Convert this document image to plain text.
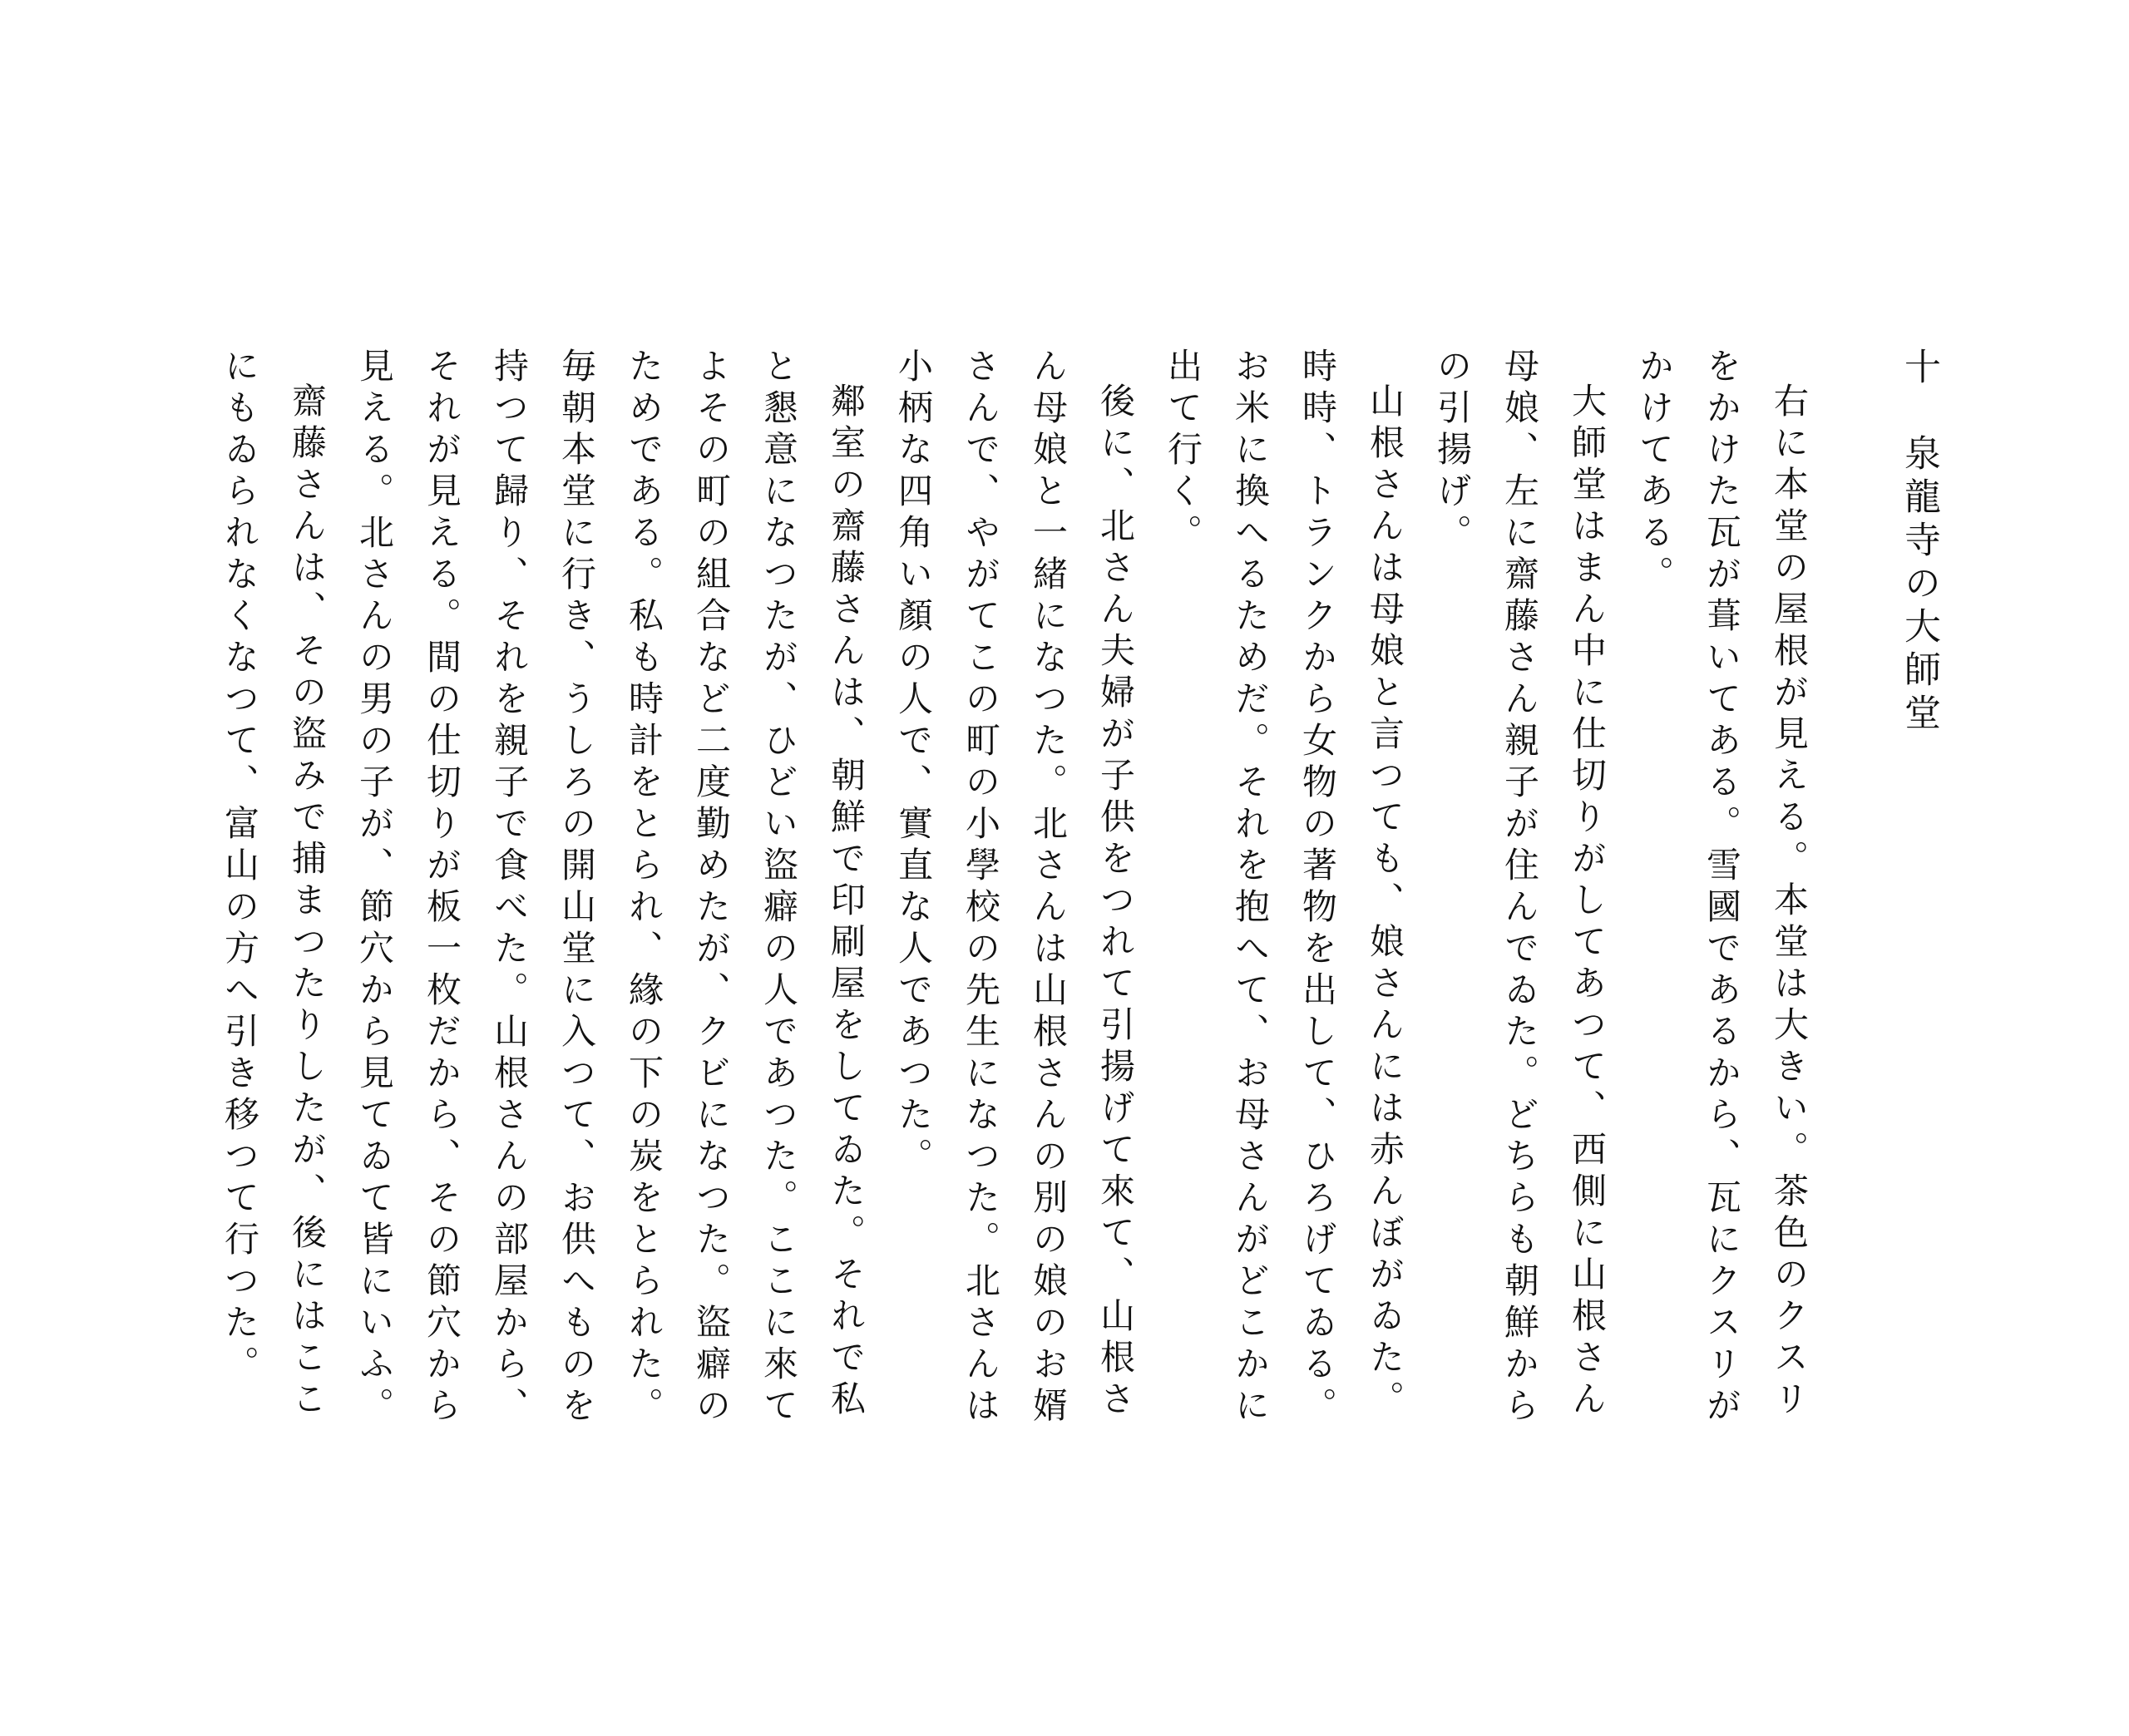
十　泉龍寺の大師堂

右に本堂の屋根が見える。本堂は大きい。茶色のクスリをかけた瓦が葺いてある。雪國であるから、瓦にクスリがかけてある。

大師堂はまん中に仕切りがしてあつて、西側に山根さん母娘、左に齋藤さん親子が住んでゐた。どちらも朝鮮からの引揚げ。

山根さんは母娘と言つても、娘さんには赤んぼがゐた。時時、トランクから女物の著物を出して、ひろげてゐる。お米に換へるためだ。それを抱へて、お母さんがどこかに出て行く。

後に、北さん夫婦が子供をつれて引揚げて來て、山根さん母娘と一緒になつた。北さんは山根さんの別の娘のお婿さんで、やがてこの町の小學校の先生になつた。北さんは小柄な四角い顏の人で、實直な人であつた。

鄰室の齋藤さんは、朝鮮で印刷屋をしてゐた。それで私と懇意になつたが、ひどい盜癖の人であつた。ここに來てよその町の組合など二度勤めたが、クビになつた。盜癖のためである。私も時計をとられ、緣の下の炭をとられた。毎朝本堂に行き、うしろの開山堂に入つて、お供へものを持つて歸り、それを親子で食べた。山根さんの部屋から、それが見える。間の仕切りが板一枚だから、その節穴から見える。北さんの男の子が、節穴から見てゐて皆にいふ。

齋藤さんは、その盜みで捕まつたりしたが、後にはここにもゐられなくなつて、富山の方へ引き移つて行つた。
